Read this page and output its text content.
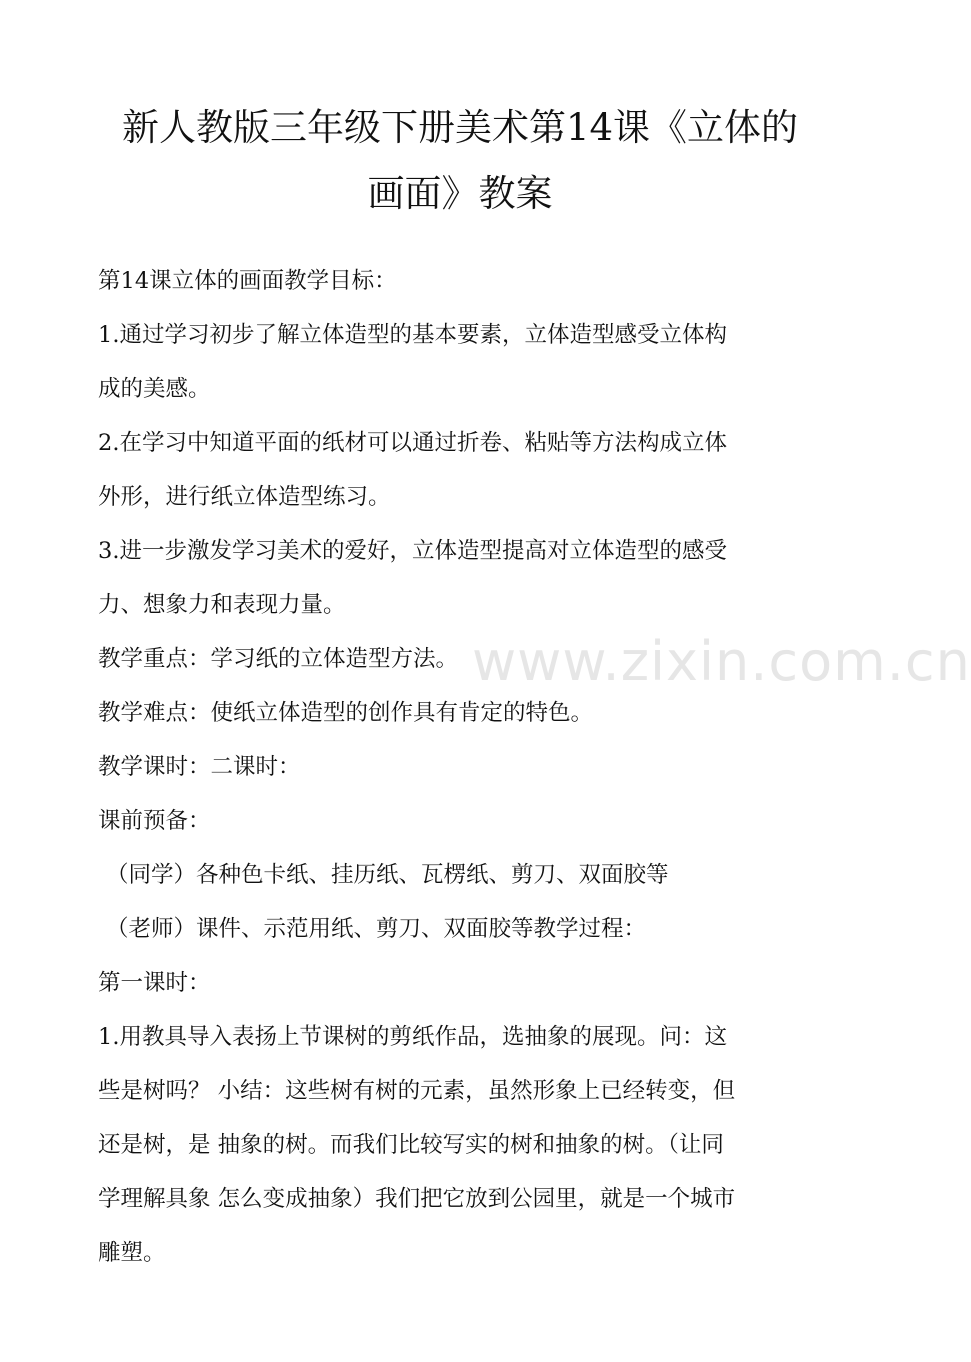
www.zixin.com.cn
新人教版三年级下册美术第14课《立体的
画面》教案
第14课立体的画面教学目标：
1.通过学习初步了解立体造型的基本要素，立体造型感受立体构
成的美感。
2.在学习中知道平面的纸材可以通过折卷、粘贴等方法构成立体
外形，进行纸立体造型练习。
3.进一步激发学习美术的爱好，立体造型提高对立体造型的感受
力、想象力和表现力量。
教学重点：学习纸的立体造型方法。
教学难点：使纸立体造型的创作具有肯定的特色。
教学课时：二课时：
课前预备：
（同学）各种色卡纸、挂历纸、瓦楞纸、剪刀、双面胶等
（老师）课件、示范用纸、剪刀、双面胶等教学过程：
第一课时：
1.用教具导入表扬上节课树的剪纸作品，选抽象的展现。问：这
些是树吗？ 小结：这些树有树的元素，虽然形象上已经转变，但
还是树，是 抽象的树。而我们比较写实的树和抽象的树。（让同
学理解具象 怎么变成抽象）我们把它放到公园里，就是一个城市
雕塑。
